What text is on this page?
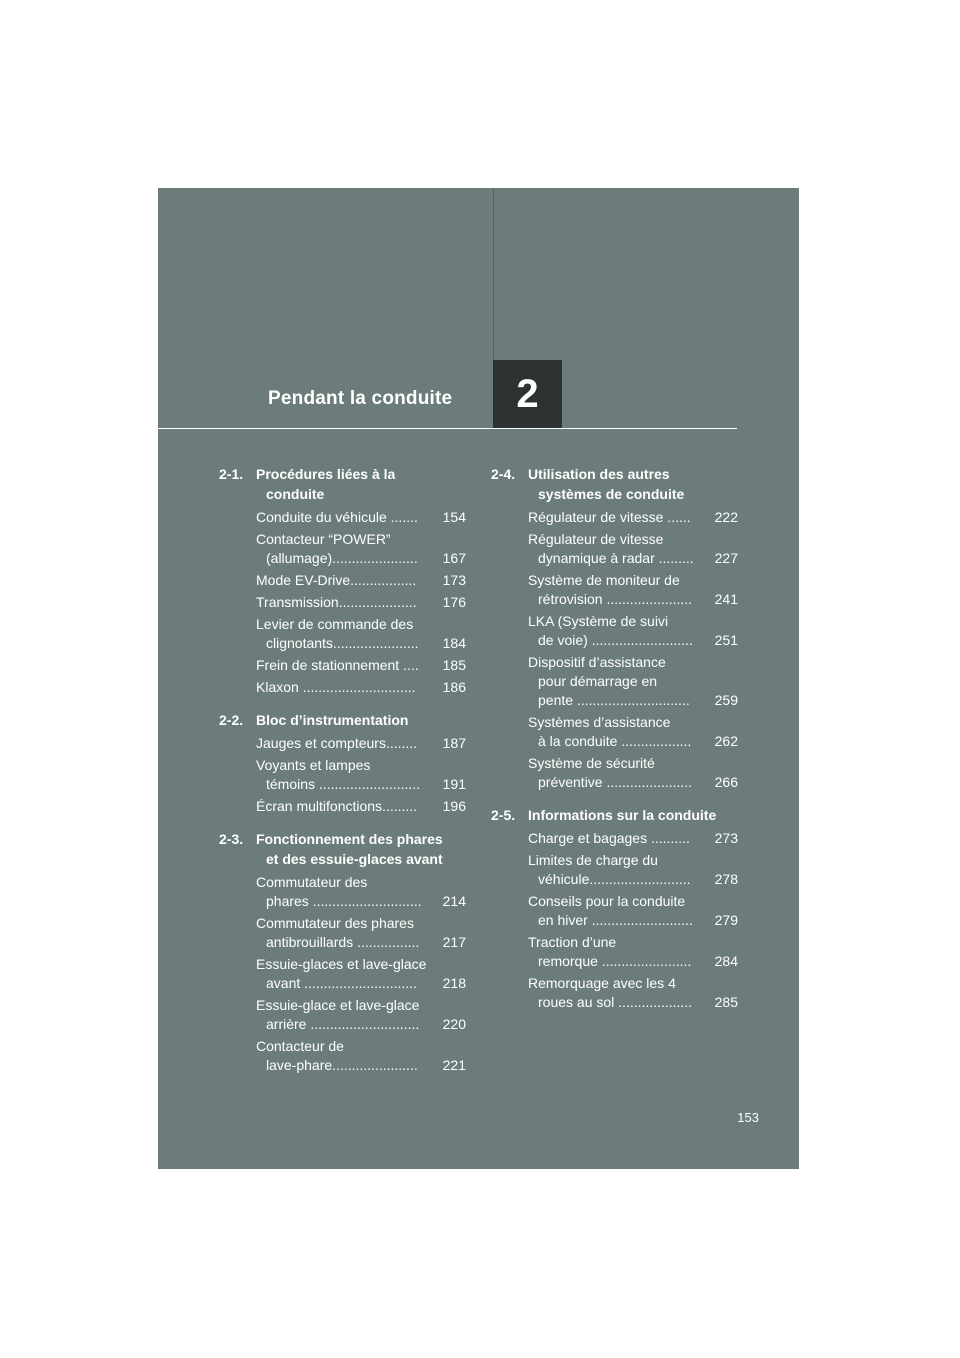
Pendant la conduite	2
2-1. Procédures liées à la
conduite
Conduite du véhicule .......	154
Contacteur “POWER”
(allumage)......................	167
Mode EV-Drive.................	173
Transmission....................	176
Levier de commande des
clignotants......................	184
Frein de stationnement ....	185
Klaxon .............................	186
2-2. Bloc d’instrumentation
Jauges et compteurs........	187
Voyants et lampes
témoins ..........................	191
Écran multifonctions.........	196
2-3. Fonctionnement des phares
et des essuie-glaces avant
Commutateur des
phares ............................	214
Commutateur des phares
antibrouillards ................	217
Essuie-glaces et lave-glace
avant .............................	218
Essuie-glace et lave-glace
arrière ............................	220
Contacteur de
lave-phare......................	221
2-4. Utilisation des autres
systèmes de conduite
Régulateur de vitesse ......	222
Régulateur de vitesse
dynamique à radar .........	227
Système de moniteur de
rétrovision ......................	241
LKA (Système de suivi
de voie) ..........................	251
Dispositif d’assistance
pour démarrage en
pente .............................	259
Systèmes d’assistance
à la conduite ..................	262
Système de sécurité
préventive ......................	266
2-5. Informations sur la conduite
Charge et bagages ..........	273
Limites de charge du
véhicule..........................	278
Conseils pour la conduite
en hiver ..........................	279
Traction d’une
remorque .......................	284
Remorquage avec les 4
roues au sol ...................	285
153
